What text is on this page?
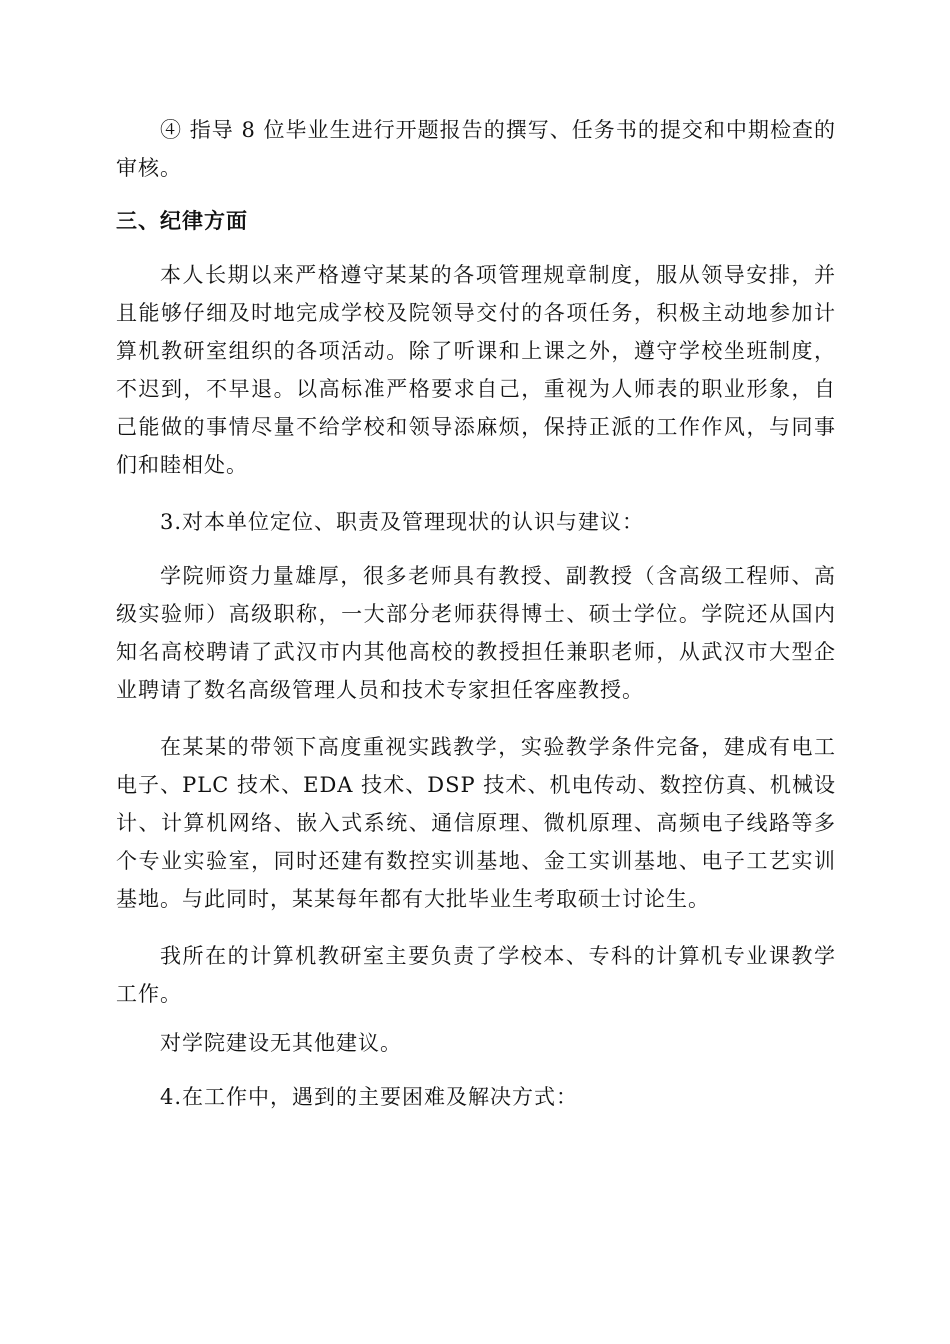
④ 指导 8 位毕业生进行开题报告的撰写、任务书的提交和中期检查的审核。

三、纪律方面

本人长期以来严格遵守某某的各项管理规章制度，服从领导安排，并且能够仔细及时地完成学校及院领导交付的各项任务，积极主动地参加计算机教研室组织的各项活动。除了听课和上课之外，遵守学校坐班制度，不迟到，不早退。以高标准严格要求自己，重视为人师表的职业形象，自己能做的事情尽量不给学校和领导添麻烦，保持正派的工作作风，与同事们和睦相处。

3.对本单位定位、职责及管理现状的认识与建议：

学院师资力量雄厚，很多老师具有教授、副教授（含高级工程师、高级实验师）高级职称，一大部分老师获得博士、硕士学位。学院还从国内知名高校聘请了武汉市内其他高校的教授担任兼职老师，从武汉市大型企业聘请了数名高级管理人员和技术专家担任客座教授。

在某某的带领下高度重视实践教学，实验教学条件完备，建成有电工电子、PLC 技术、EDA 技术、DSP 技术、机电传动、数控仿真、机械设计、计算机网络、嵌入式系统、通信原理、微机原理、高频电子线路等多个专业实验室，同时还建有数控实训基地、金工实训基地、电子工艺实训基地。与此同时，某某每年都有大批毕业生考取硕士讨论生。

我所在的计算机教研室主要负责了学校本、专科的计算机专业课教学工作。

对学院建设无其他建议。

4.在工作中，遇到的主要困难及解决方式：
